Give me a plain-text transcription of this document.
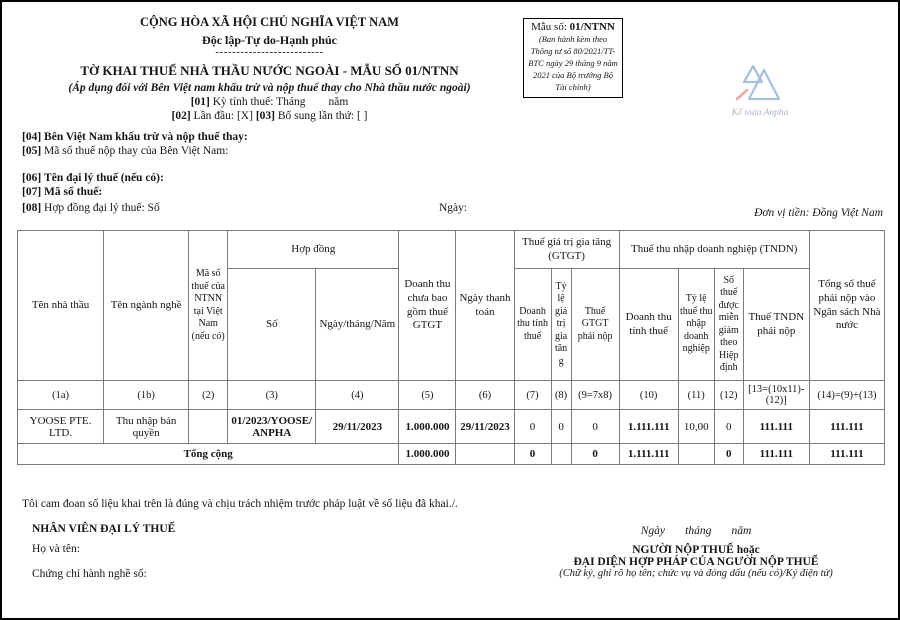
CỘNG HÒA XÃ HỘI CHỦ NGHĨA VIỆT NAM
Độc lập-Tự do-Hạnh phúc
--------------------------
TỜ KHAI THUẾ NHÀ THẦU NƯỚC NGOÀI - MẪU SỐ 01/NTNN
(Áp dụng đối với Bên Việt nam khấu trừ và nộp thuế thay cho Nhà thầu nước ngoài)
[01] Kỳ tính thuế: Tháng        năm
[02] Lần đầu: [X] [03] Bổ sung lần thứ: [ ]
Mẫu số: 01/NTNN
(Ban hành kèm theo Thông tư số 80/2021/TT-BTC ngày 29 tháng 9 năm 2021 của Bộ trưởng Bộ Tài chính)
Kế toán Anpha
[04] Bên Việt Nam khấu trừ và nộp thuế thay:
[05] Mã số thuế nộp thay của Bên Việt Nam:
[06] Tên đại lý thuế (nếu có):
[07] Mã số thuế:
[08] Hợp đồng đại lý thuế: Số	Ngày:	Đơn vị tiền: Đồng Việt Nam
Tên nhà thầu	Tên ngành nghề	Mã số thuế của NTNN tại Việt Nam (nếu có)	Hợp đồng		Doanh thu chưa bao gồm thuế GTGT	Ngày thanh toán	Thuế giá trị gia tăng (GTGT)			Thuế thu nhập doanh nghiệp (TNDN)				Tổng số thuế phải nộp vào Ngân sách Nhà nước
			Số	Ngày/tháng/Năm			Doanh thu tính thuế	Tỷ lệ giá trị gia tăng	Thuế GTGT phải nộp	Doanh thu tính thuế	Tỷ lệ thuế thu nhập doanh nghiệp	Số thuế được miễn giảm theo Hiệp định	Thuế TNDN phải nộp	
(1a)	(1b)	(2)	(3)	(4)	(5)	(6)	(7)	(8)	(9=7x8)	(10)	(11)	(12)	[13=(10x11)-(12)]	(14)=(9)+(13)
YOOSE PTE. LTD.	Thu nhập bản quyền		01/2023/YOOSE/ANPHA	29/11/2023	1.000.000	29/11/2023	0	0	0	1.111.111	10,00	0	111.111	111.111
Tổng cộng					1.000.000		0		0	1.111.111		0	111.111	111.111
Tôi cam đoan số liệu khai trên là đúng và chịu trách nhiệm trước pháp luật về số liệu đã khai./.
NHÂN VIÊN ĐẠI LÝ THUẾ
Họ và tên:
Chứng chỉ hành nghề số:
Ngày       tháng       năm
NGƯỜI NỘP THUẾ hoặc
ĐẠI DIỆN HỢP PHÁP CỦA NGƯỜI NỘP THUẾ
(Chữ ký, ghi rõ họ tên; chức vụ và đóng dấu (nếu có)/Ký điện tử)
